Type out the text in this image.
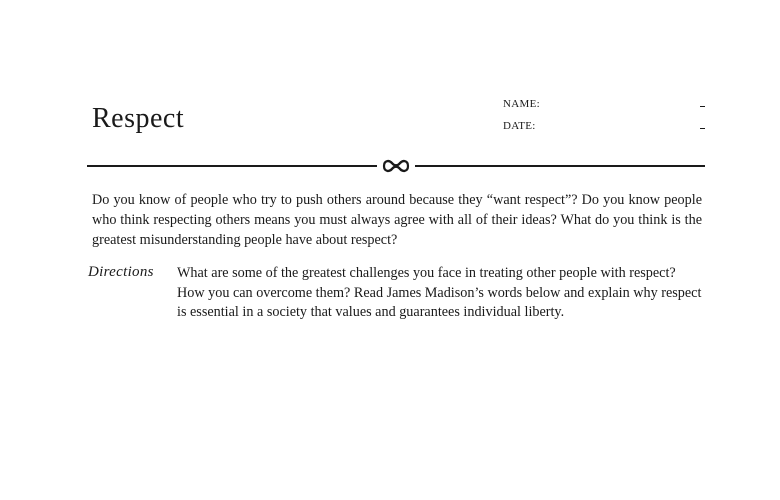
Respect	NAME:
DATE:

Do you know of people who try to push others around because they “want respect”? Do you know people who think respecting others means you must always agree with all of their ideas? What do you think is the greatest misunderstanding people have about respect?

Directions What are some of the greatest challenges you face in treating other people with respect? How you can overcome them? Read James Madison’s words below and explain why respect is essential in a society that values and guarantees individual liberty.
